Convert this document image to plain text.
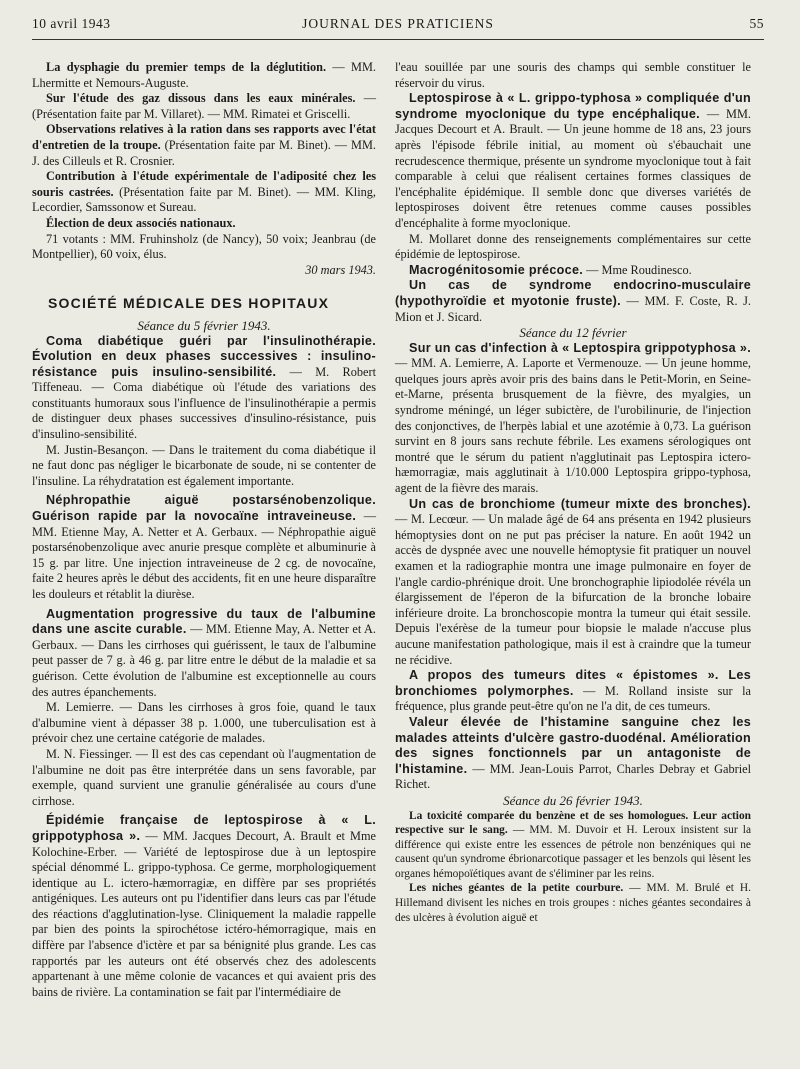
10 avril 1943	JOURNAL DES PRATICIENS	55

La dysphagie du premier temps de la déglutition. — MM. Lhermitte et Nemours-Auguste.

Sur l'étude des gaz dissous dans les eaux minérales. — (Présentation faite par M. Villaret). — MM. Rimatei et Griscelli.

Observations relatives à la ration dans ses rapports avec l'état d'entretien de la troupe. (Présentation faite par M. Binet). — MM. J. des Cilleuls et R. Crosnier.

Contribution à l'étude expérimentale de l'adiposité chez les souris castrées. (Présentation faite par M. Binet). — MM. Kling, Lecordier, Samssonow et Sureau.

Élection de deux associés nationaux.

71 votants : MM. Fruhinsholz (de Nancy), 50 voix; Jeanbrau (de Montpellier), 60 voix, élus.

30 mars 1943.

SOCIÉTÉ MÉDICALE DES HOPITAUX

Séance du 5 février 1943.

Coma diabétique guéri par l'insulinothérapie. Évolution en deux phases successives : insulino-résistance puis insulino-sensibilité. — M. Robert Tiffeneau. — Coma diabétique où l'étude des variations des constituants humoraux sous l'influence de l'insulinothérapie a permis de distinguer deux phases successives d'insulino-résistance, puis d'insulino-sensibilité.

M. Justin-Besançon. — Dans le traitement du coma diabétique il ne faut donc pas négliger le bicarbonate de soude, ni se contenter de l'insuline. La réhydratation est également importante.

Néphropathie aiguë postarsénobenzolique. Guérison rapide par la novocaïne intraveineuse. — MM. Etienne May, A. Netter et A. Gerbaux. — Néphropathie aiguë postarsénobenzolique avec anurie presque complète et albuminurie à 15 g. par litre. Une injection intraveineuse de 2 cg. de novocaïne, faite 2 heures après le début des accidents, fit en une heure disparaître les douleurs et rétablit la diurèse.

Augmentation progressive du taux de l'albumine dans une ascite curable. — MM. Etienne May, A. Netter et A. Gerbaux. — Dans les cirrhoses qui guérissent, le taux de l'albumine peut passer de 7 g. à 46 g. par litre entre le début de la maladie et sa guérison. Cette évolution de l'albumine est exceptionnelle au cours des autres épanchements.

M. Lemierre. — Dans les cirrhoses à gros foie, quand le taux d'albumine vient à dépasser 38 p. 1.000, une tuberculisation est à prévoir chez une certaine catégorie de malades.

M. N. Fiessinger. — Il est des cas cependant où l'augmentation de l'albumine ne doit pas être interprétée dans un sens favorable, par exemple, quand survient une granulie généralisée au cours d'une cirrhose.

Épidémie française de leptospirose à « L. grippotyphosa ». — MM. Jacques Decourt, A. Brault et Mme Kolochine-Erber. — Variété de leptospirose due à un leptospire spécial dénommé L. grippo-typhosa. Ce germe, morphologiquement identique au L. ictero-hæmorragiæ, en diffère par ses propriétés antigéniques. Les auteurs ont pu l'identifier dans leurs cas par l'étude des réactions d'agglutination-lyse. Cliniquement la maladie rappelle par bien des points la spirochétose ictéro-hémorragique, mais en diffère par l'absence d'ictère et par sa bénignité plus grande. Les cas rapportés par les auteurs ont été observés chez des adolescents appartenant à une même colonie de vacances et qui avaient pris des bains de rivière. La contamination se fait par l'intermédiaire de

l'eau souillée par une souris des champs qui semble constituer le réservoir du virus.

Leptospirose à « L. grippo-typhosa » compliquée d'un syndrome myoclonique du type encéphalique. — MM. Jacques Decourt et A. Brault. — Un jeune homme de 18 ans, 23 jours après l'épisode fébrile initial, au moment où s'ébauchait une recrudescence thermique, présente un syndrome myoclonique tout à fait comparable à celui que réalisent certaines formes classiques de l'encéphalite épidémique. Il semble donc que diverses variétés de leptospiroses doivent être retenues comme causes possibles d'encéphalite à forme myoclonique.

M. Mollaret donne des renseignements complémentaires sur cette épidémie de leptospirose.

Macrogénitosomie précoce. — Mme Roudinesco.

Un cas de syndrome endocrino-musculaire (hypothyroïdie et myotonie fruste). — MM. F. Coste, R. J. Mion et J. Sicard.

Séance du 12 février

Sur un cas d'infection à « Leptospira grippotyphosa ». — MM. A. Lemierre, A. Laporte et Vermenouze. — Un jeune homme, quelques jours après avoir pris des bains dans le Petit-Morin, en Seine-et-Marne, présenta brusquement de la fièvre, des myalgies, un syndrome méningé, un léger subictère, de l'urobilinurie, de l'injection des conjonctives, de l'herpès labial et une azotémie à 0,73. La guérison survint en 8 jours sans rechute fébrile. Les examens sérologiques ont montré que le sérum du patient n'agglutinait pas Leptospira ictero-hæmorragiæ, mais agglutinait à 1/10.000 Leptospira grippo-typhosa, agent de la fièvre des marais.

Un cas de bronchiome (tumeur mixte des bronches). — M. Lecœur. — Un malade âgé de 64 ans présenta en 1942 plusieurs hémoptysies dont on ne put pas préciser la nature. En août 1942 un accès de dyspnée avec une nouvelle hémoptysie fit pratiquer un nouvel examen et la radiographie montra une image pulmonaire en foyer de l'angle cardio-phrénique droit. Une bronchographie lipiodolée révéla un élargissement de l'éperon de la bifurcation de la bronche lobaire inférieure droite. La bronchoscopie montra la tumeur qui était sessile. Depuis l'exérèse de la tumeur pour biopsie le malade n'accuse plus aucune manifestation pathologique, mais il est à craindre que la tumeur ne récidive.

A propos des tumeurs dites « épistomes ». Les bronchiomes polymorphes. — M. Rolland insiste sur la fréquence, plus grande peut-être qu'on ne l'a dit, de ces tumeurs.

Valeur élevée de l'histamine sanguine chez les malades atteints d'ulcère gastro-duodénal. Amélioration des signes fonctionnels par un antagoniste de l'histamine. — MM. Jean-Louis Parrot, Charles Debray et Gabriel Richet.

Séance du 26 février 1943.

La toxicité comparée du benzène et de ses homologues. Leur action respective sur le sang. — MM. M. Duvoir et H. Leroux insistent sur la différence qui existe entre les essences de pétrole non benzéniques qui ne causent qu'un syndrome ébrionarcotique passager et les benzols qui lèsent les organes hémopoïétiques avant de s'éliminer par les reins.

Les niches géantes de la petite courbure. — MM. M. Brulé et H. Hillemand divisent les niches en trois groupes : niches géantes secondaires à des ulcères à évolution aiguë et
